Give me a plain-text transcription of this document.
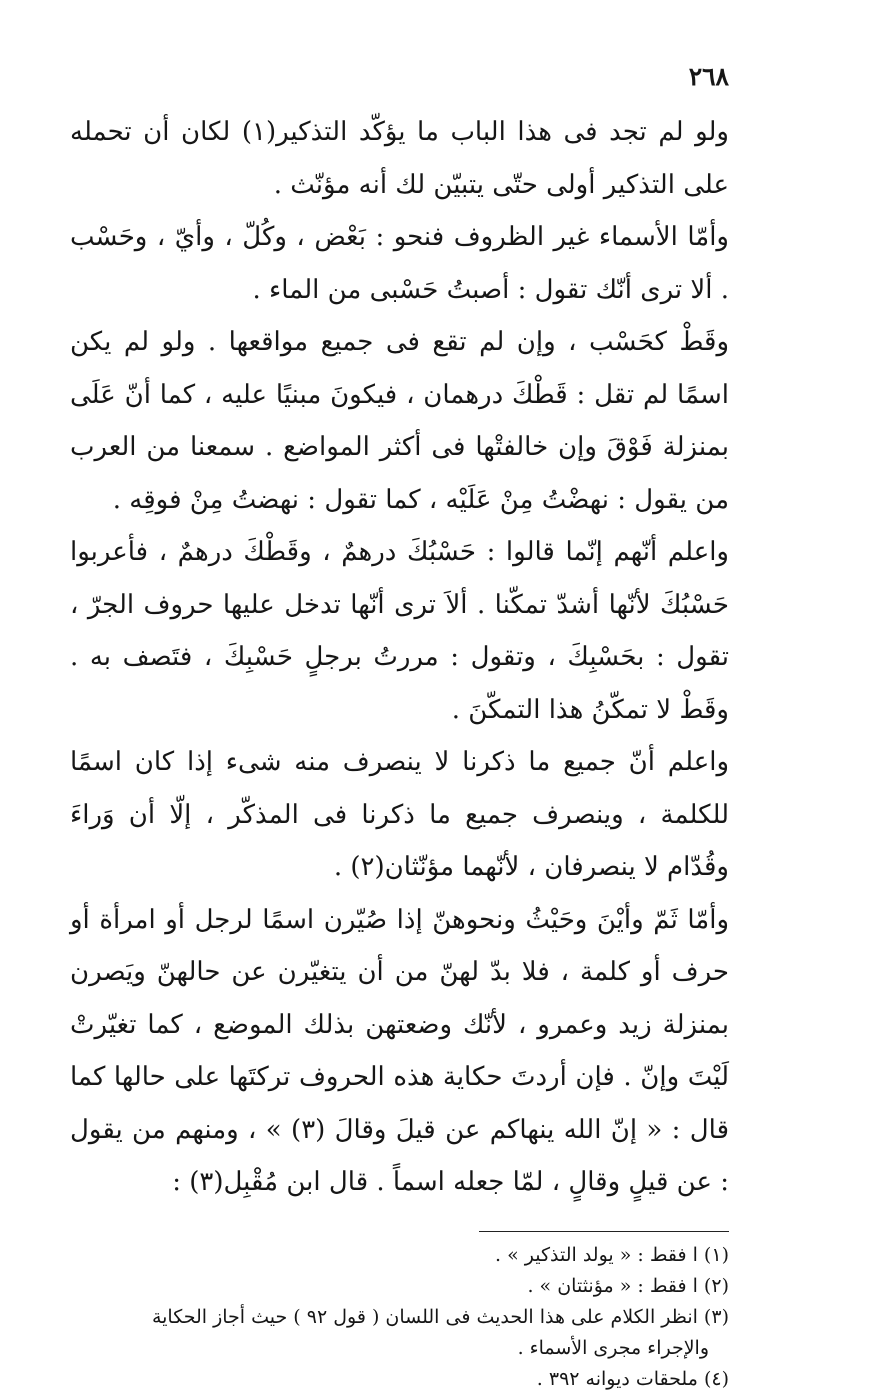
٢٦٨

ولو لم تجد فى هذا الباب ما يؤكّد التذكير(١) لكان أن تحمله على التذكير أولى حتّى يتبيّن لك أنه مؤنّث .

وأمّا الأسماء غير الظروف فنحو : بَعْض ، وكُلّ ، وأيّ ، وحَسْب . ألا ترى أنّك تقول : أصبتُ حَسْبى من الماء .

وقَطْ كحَسْب ، وإن لم تقع فى جميع مواقعها . ولو لم يكن اسمًا لم تقل : قَطْكَ درهمان ، فيكونَ مبنيًا عليه ، كما أنّ عَلَى بمنزلة فَوْقَ وإن خالفتْها فى أكثر المواضع . سمعنا من العرب من يقول : نهضْتُ مِنْ عَلَيْه ، كما تقول : نهضتُ مِنْ فوقِه .

واعلم أنّهم إنّما قالوا : حَسْبُكَ درهمٌ ، وقَطْكَ درهمٌ ، فأعربوا حَسْبُكَ لأنّها أشدّ تمكّنا . ألاَ ترى أنّها تدخل عليها حروف الجرّ ، تقول : بحَسْبِكَ ، وتقول : مررتُ برجلٍ حَسْبِكَ ، فتَصف به . وقَطْ لا تمكّنُ هذا التمكّنَ .

واعلم أنّ جميع ما ذكرنا لا ينصرف منه شىء إذا كان اسمًا للكلمة ، وينصرف جميع ما ذكرنا فى المذكّر ، إلّا أن وَراءَ وقُدّام لا ينصرفان ، لأنّهما مؤنّثان(٢) .

وأمّا ثَمّ وأيْنَ وحَيْثُ ونحوهنّ إذا صُيّرن اسمًا لرجل أو امرأة أو حرف أو كلمة ، فلا بدّ لهنّ من أن يتغيّرن عن حالهنّ ويَصرن بمنزلة زيد وعمرو ، لأنّك وضعتهن بذلك الموضع ، كما تغيّرتْ لَيْتَ وإنّ . فإن أردتَ حكاية هذه الحروف تركتَها على حالها كما قال : « إنّ الله ينهاكم عن قيلَ وقالَ (٣) » ، ومنهم من يقول : عن قيلٍ وقالٍ ، لمّا جعله اسماً . قال ابن مُقْبِل(٣) :

(١) ا فقط : « يولد التذكير » .

(٢) ا فقط : « مؤنثتان » .

(٣) انظر الكلام على هذا الحديث فى اللسان ( قول ٩٢ ) حيث أجاز الحكاية

والإجراء مجرى الأسماء .

(٤) ملحقات ديوانه ٣٩٢ .
